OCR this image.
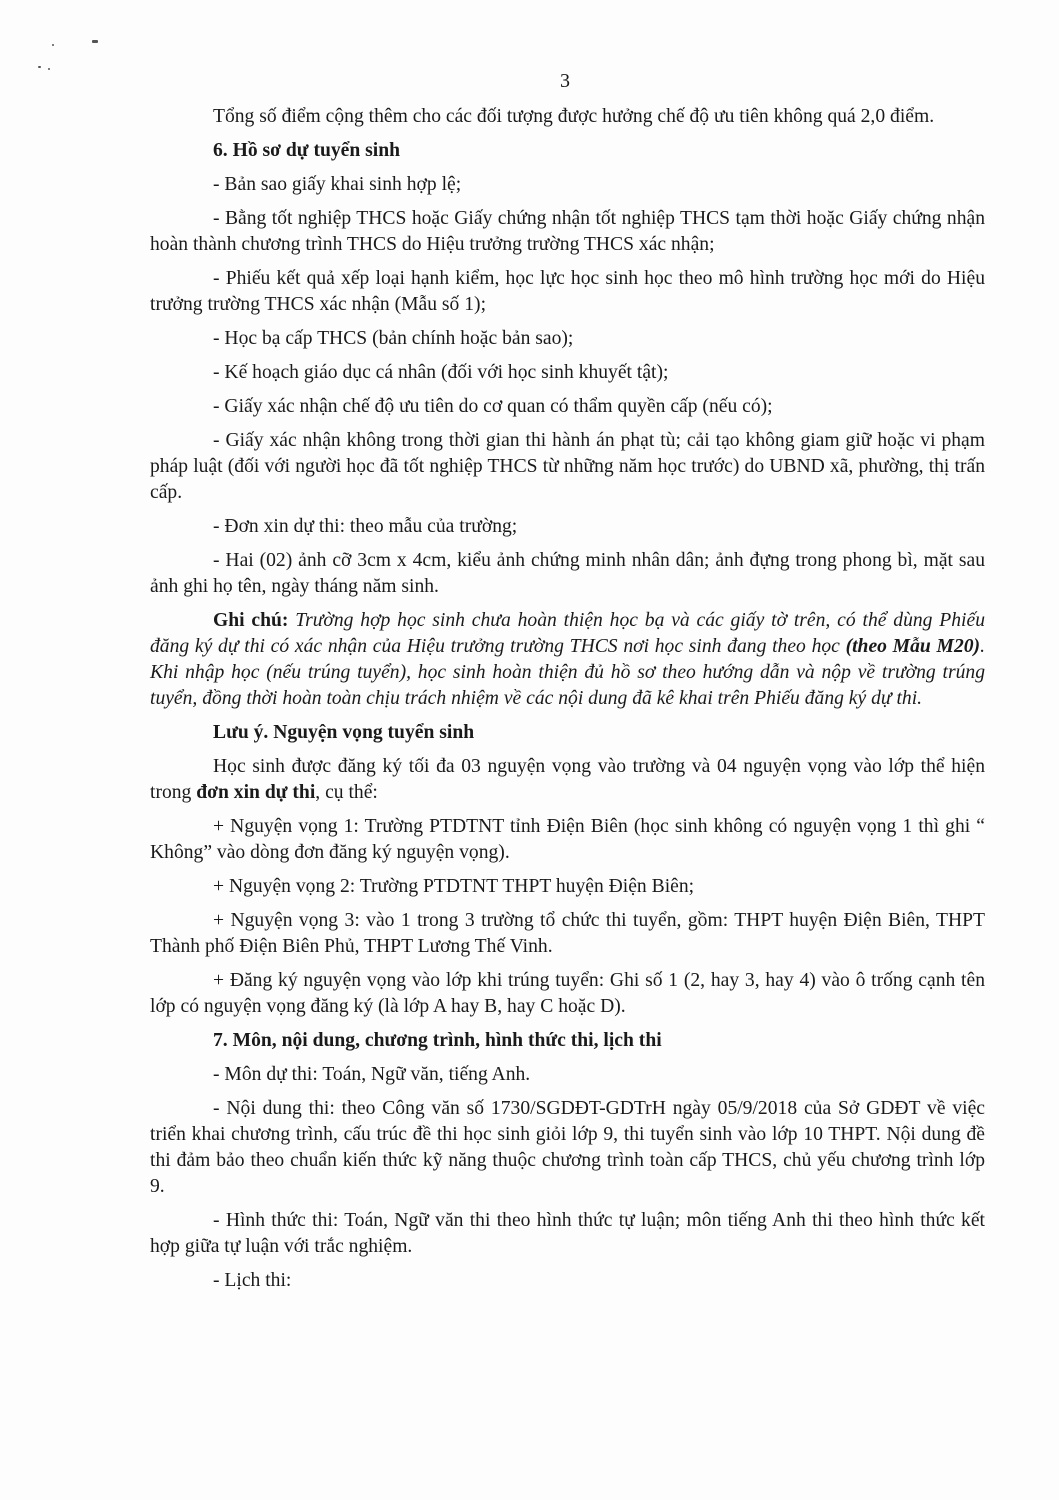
3

Tổng số điểm cộng thêm cho các đối tượng được hưởng chế độ ưu tiên không quá 2,0 điểm.

6. Hồ sơ dự tuyển sinh

- Bản sao giấy khai sinh hợp lệ;

- Bằng tốt nghiệp THCS hoặc Giấy chứng nhận tốt nghiệp THCS tạm thời hoặc Giấy chứng nhận hoàn thành chương trình THCS do Hiệu trưởng trường THCS xác nhận;

- Phiếu kết quả xếp loại hạnh kiểm, học lực học sinh học theo mô hình trường học mới do Hiệu trưởng trường THCS xác nhận (Mẫu số 1);

- Học bạ cấp THCS (bản chính hoặc bản sao);

- Kế hoạch giáo dục cá nhân (đối với học sinh khuyết tật);

- Giấy xác nhận chế độ ưu tiên do cơ quan có thẩm quyền cấp (nếu có);

- Giấy xác nhận không trong thời gian thi hành án phạt tù; cải tạo không giam giữ hoặc vi phạm pháp luật (đối với người học đã tốt nghiệp THCS từ những năm học trước) do UBND xã, phường, thị trấn cấp.

- Đơn xin dự thi: theo mẫu của trường;

- Hai (02) ảnh cỡ 3cm x 4cm, kiểu ảnh chứng minh nhân dân; ảnh đựng trong phong bì, mặt sau ảnh ghi họ tên, ngày tháng năm sinh.

Ghi chú: Trường hợp học sinh chưa hoàn thiện học bạ và các giấy tờ trên, có thể dùng Phiếu đăng ký dự thi có xác nhận của Hiệu trưởng trường THCS nơi học sinh đang theo học (theo Mẫu M20). Khi nhập học (nếu trúng tuyển), học sinh hoàn thiện đủ hồ sơ theo hướng dẫn và nộp về trường trúng tuyển, đồng thời hoàn toàn chịu trách nhiệm về các nội dung đã kê khai trên Phiếu đăng ký dự thi.

Lưu ý. Nguyện vọng tuyển sinh

Học sinh được đăng ký tối đa 03 nguyện vọng vào trường và 04 nguyện vọng vào lớp thể hiện trong đơn xin dự thi, cụ thể:

+ Nguyện vọng 1: Trường PTDTNT tỉnh Điện Biên (học sinh không có nguyện vọng 1 thì ghi “ Không” vào dòng đơn đăng ký nguyện vọng).

+ Nguyện vọng 2: Trường PTDTNT THPT huyện Điện Biên;

+ Nguyện vọng 3: vào 1 trong 3 trường tổ chức thi tuyển, gồm: THPT huyện Điện Biên, THPT Thành phố Điện Biên Phủ, THPT Lương Thế Vinh.

+ Đăng ký nguyện vọng vào lớp khi trúng tuyển: Ghi số 1 (2, hay 3, hay 4) vào ô trống cạnh tên lớp có nguyện vọng đăng ký (là lớp A hay B, hay C hoặc D).

7. Môn, nội dung, chương trình, hình thức thi, lịch thi

- Môn dự thi: Toán, Ngữ văn, tiếng Anh.

- Nội dung thi: theo Công văn số 1730/SGDĐT-GDTrH ngày 05/9/2018 của Sở GDĐT về việc triển khai chương trình, cấu trúc đề thi học sinh giỏi lớp 9, thi tuyển sinh vào lớp 10 THPT. Nội dung đề thi đảm bảo theo chuẩn kiến thức kỹ năng thuộc chương trình toàn cấp THCS, chủ yếu chương trình lớp 9.

- Hình thức thi: Toán, Ngữ văn thi theo hình thức tự luận; môn tiếng Anh thi theo hình thức kết hợp giữa tự luận với trắc nghiệm.

- Lịch thi:
